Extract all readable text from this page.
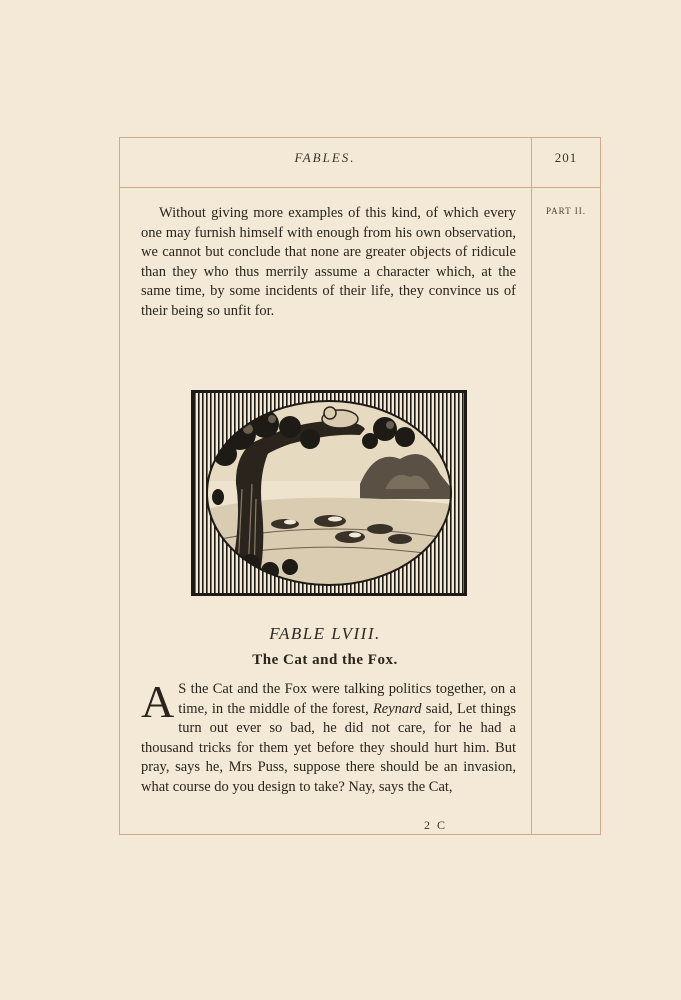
FABLES.	201
PART II.
Without giving more examples of this kind, of which every one may furnish himself with enough from his own observation, we cannot but conclude that none are greater objects of ridicule than they who thus merrily assume a character which, at the same time, by some incidents of their life, they convince us of their being so unfit for.
FABLE LVIII.
The Cat and the Fox.
A S the Cat and the Fox were talking politics together, on a time, in the middle of the forest, Reynard said, Let things turn out ever so bad, he did not care, for he had a thousand tricks for them yet before they should hurt him. But pray, says he, Mrs Puss, suppose there should be an invasion, what course do you design to take? Nay, says the Cat,
2 C
